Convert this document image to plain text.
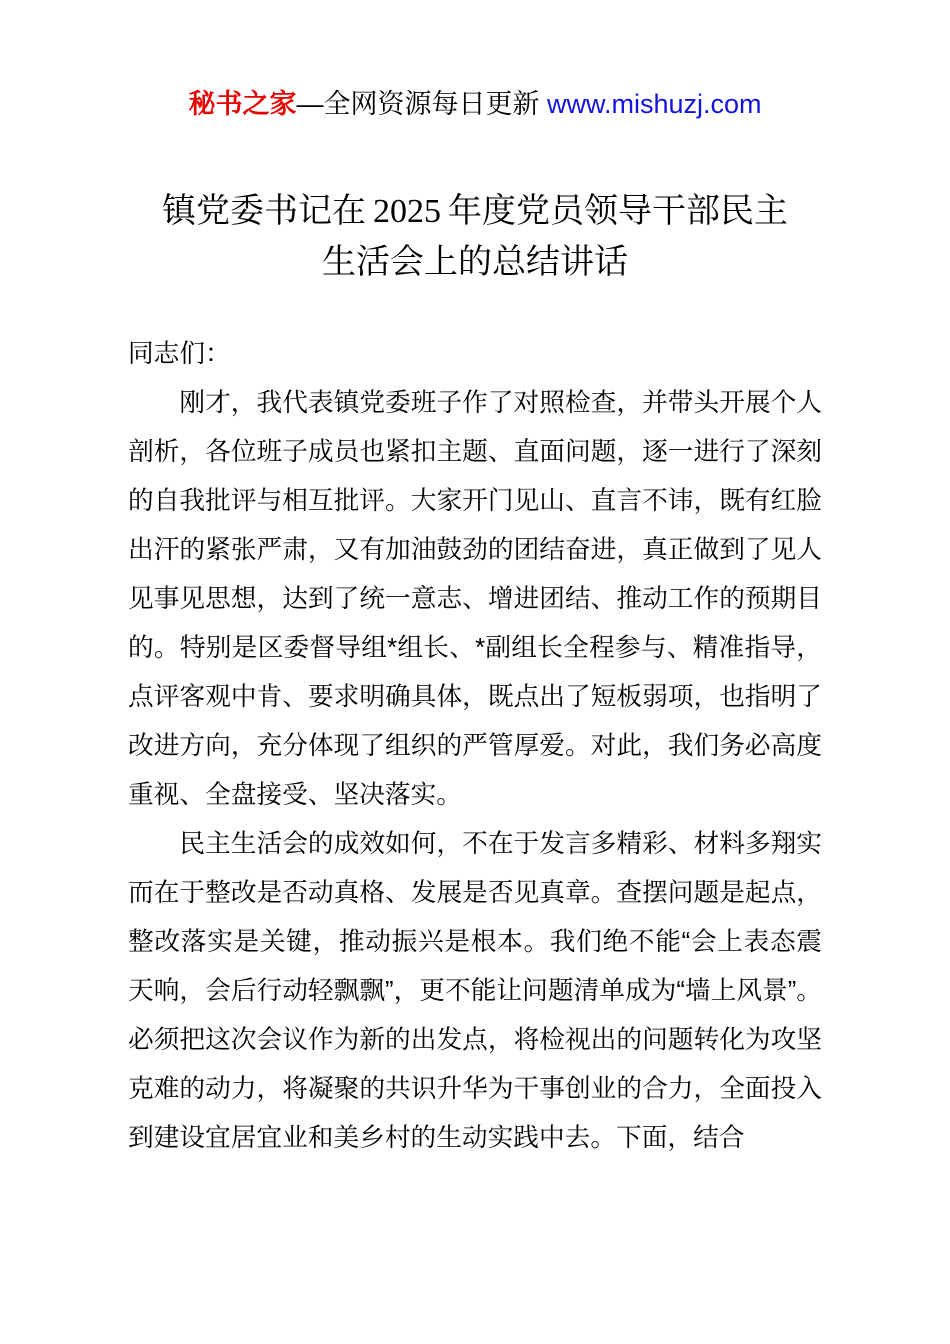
秘书之家—全网资源每日更新 www.mishuzj.com
镇党委书记在 2025 年度党员领导干部民主
生活会上的总结讲话

同志们：

刚才，我代表镇党委班子作了对照检查，并带头开展个人剖析，各位班子成员也紧扣主题、直面问题，逐一进行了深刻的自我批评与相互批评。大家开门见山、直言不讳，既有红脸出汗的紧张严肃，又有加油鼓劲的团结奋进，真正做到了见人见事见思想，达到了统一意志、增进团结、推动工作的预期目的。特别是区委督导组*组长、*副组长全程参与、精准指导，点评客观中肯、要求明确具体，既点出了短板弱项，也指明了改进方向，充分体现了组织的严管厚爱。对此，我们务必高度重视、全盘接受、坚决落实。

民主生活会的成效如何，不在于发言多精彩、材料多翔实而在于整改是否动真格、发展是否见真章。查摆问题是起点，整改落实是关键，推动振兴是根本。我们绝不能“会上表态震天响，会后行动轻飘飘”，更不能让问题清单成为“墙上风景”。必须把这次会议作为新的出发点，将检视出的问题转化为攻坚克难的动力，将凝聚的共识升华为干事创业的合力，全面投入到建设宜居宜业和美乡村的生动实践中去。下面，结合
